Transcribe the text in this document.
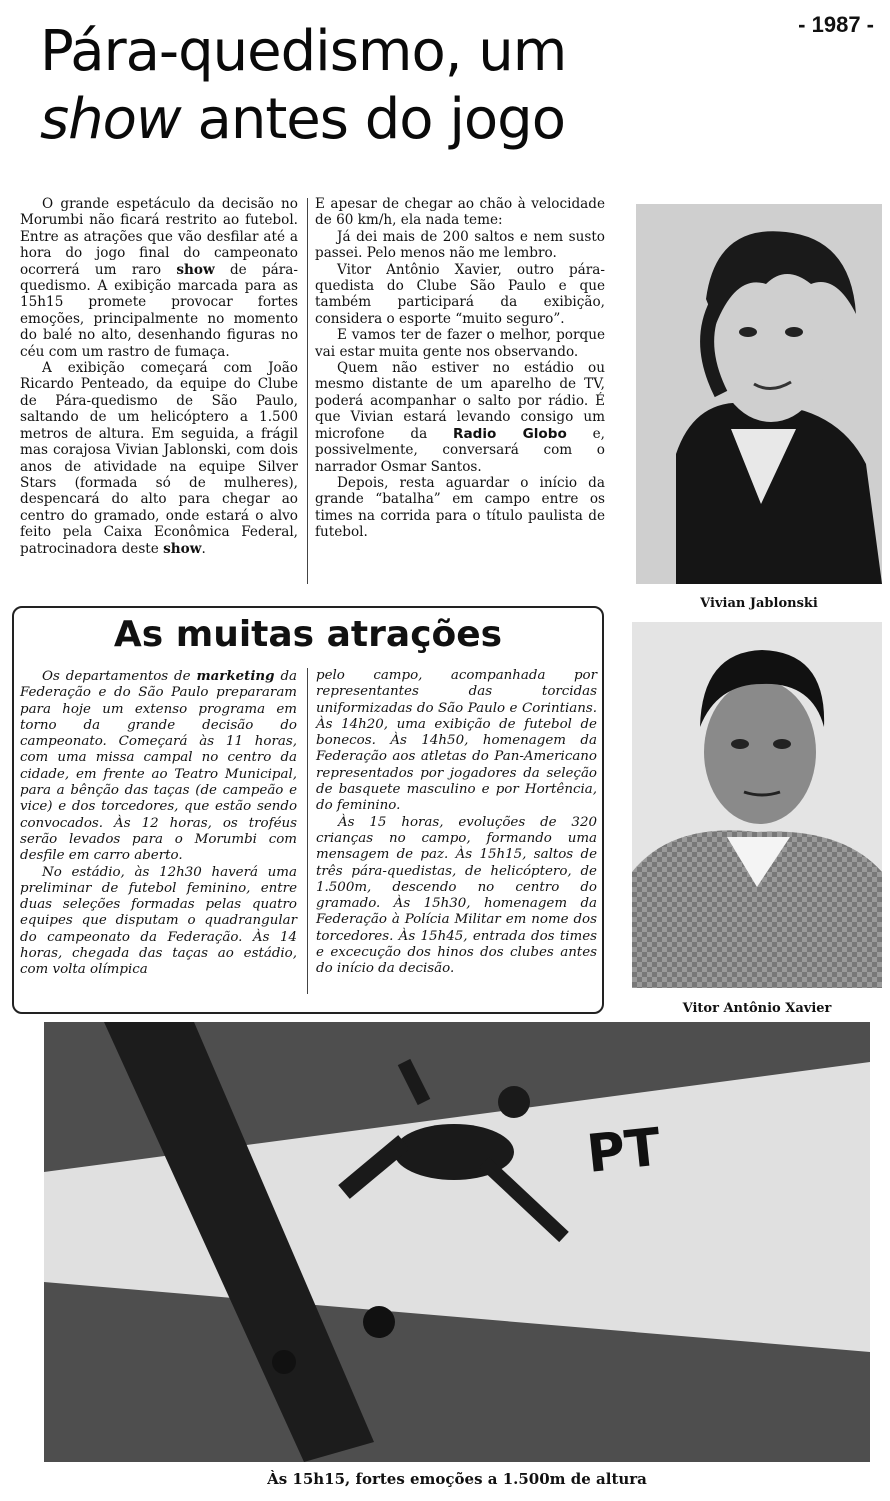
- 1987 -
Pára-quedismo, um
show antes do jogo

O grande espetáculo da decisão no Morumbi não ficará restrito ao futebol. Entre as atrações que vão desfilar até a hora do jogo final do campeonato ocorrerá um raro show de pára-quedismo. A exibição marcada para as 15h15 promete provocar fortes emoções, principalmente no momento do balé no alto, desenhando figuras no céu com um rastro de fumaça.

A exibição começará com João Ricardo Penteado, da equipe do Clube de Pára-quedismo de São Paulo, saltando de um helicóptero a 1.500 metros de altura. Em seguida, a frágil mas corajosa Vivian Jablonski, com dois anos de atividade na equipe Silver Stars (formada só de mulheres), despencará do alto para chegar ao centro do gramado, onde estará o alvo feito pela Caixa Econômica Federal, patrocinadora deste show.

E apesar de chegar ao chão à velocidade de 60 km/h, ela nada teme:

Já dei mais de 200 saltos e nem susto passei. Pelo menos não me lembro.

Vitor Antônio Xavier, outro pára-quedista do Clube São Paulo e que também participará da exibição, considera o esporte “muito seguro”.

E vamos ter de fazer o melhor, porque vai estar muita gente nos observando.

Quem não estiver no estádio ou mesmo distante de um aparelho de TV, poderá acompanhar o salto por rádio. É que Vivian estará levando consigo um microfone da Radio Globo e, possivelmente, conversará com o narrador Osmar Santos.

Depois, resta aguardar o início da grande “batalha” em campo entre os times na corrida para o título paulista de futebol.

Vivian Jablonski
As muitas atrações

Os departamentos de marketing da Federação e do São Paulo prepararam para hoje um extenso programa em torno da grande decisão do campeonato. Começará às 11 horas, com uma missa campal no centro da cidade, em frente ao Teatro Municipal, para a bênção das taças (de campeão e vice) e dos torcedores, que estão sendo convocados. Às 12 horas, os troféus serão levados para o Morumbi com desfile em carro aberto.

No estádio, às 12h30 haverá uma preliminar de futebol feminino, entre duas seleções formadas pelas quatro equipes que disputam o quadrangular do campeonato da Federação. Às 14 horas, chegada das taças ao estádio, com volta olímpica

pelo campo, acompanhada por representantes das torcidas uniformizadas do São Paulo e Corintians. Às 14h20, uma exibição de futebol de bonecos. Às 14h50, homenagem da Federação aos atletas do Pan-Americano representados por jogadores da seleção de basquete masculino e por Hortência, do feminino.

Às 15 horas, evoluções de 320 crianças no campo, formando uma mensagem de paz. Às 15h15, saltos de três pára-quedistas, de helicóptero, de 1.500m, descendo no centro do gramado. Às 15h30, homenagem da Federação à Polícia Militar em nome dos torcedores. Às 15h45, entrada dos times e excecução dos hinos dos clubes antes do início da decisão.

Vitor Antônio Xavier
PT
Às 15h15, fortes emoções a 1.500m de altura
